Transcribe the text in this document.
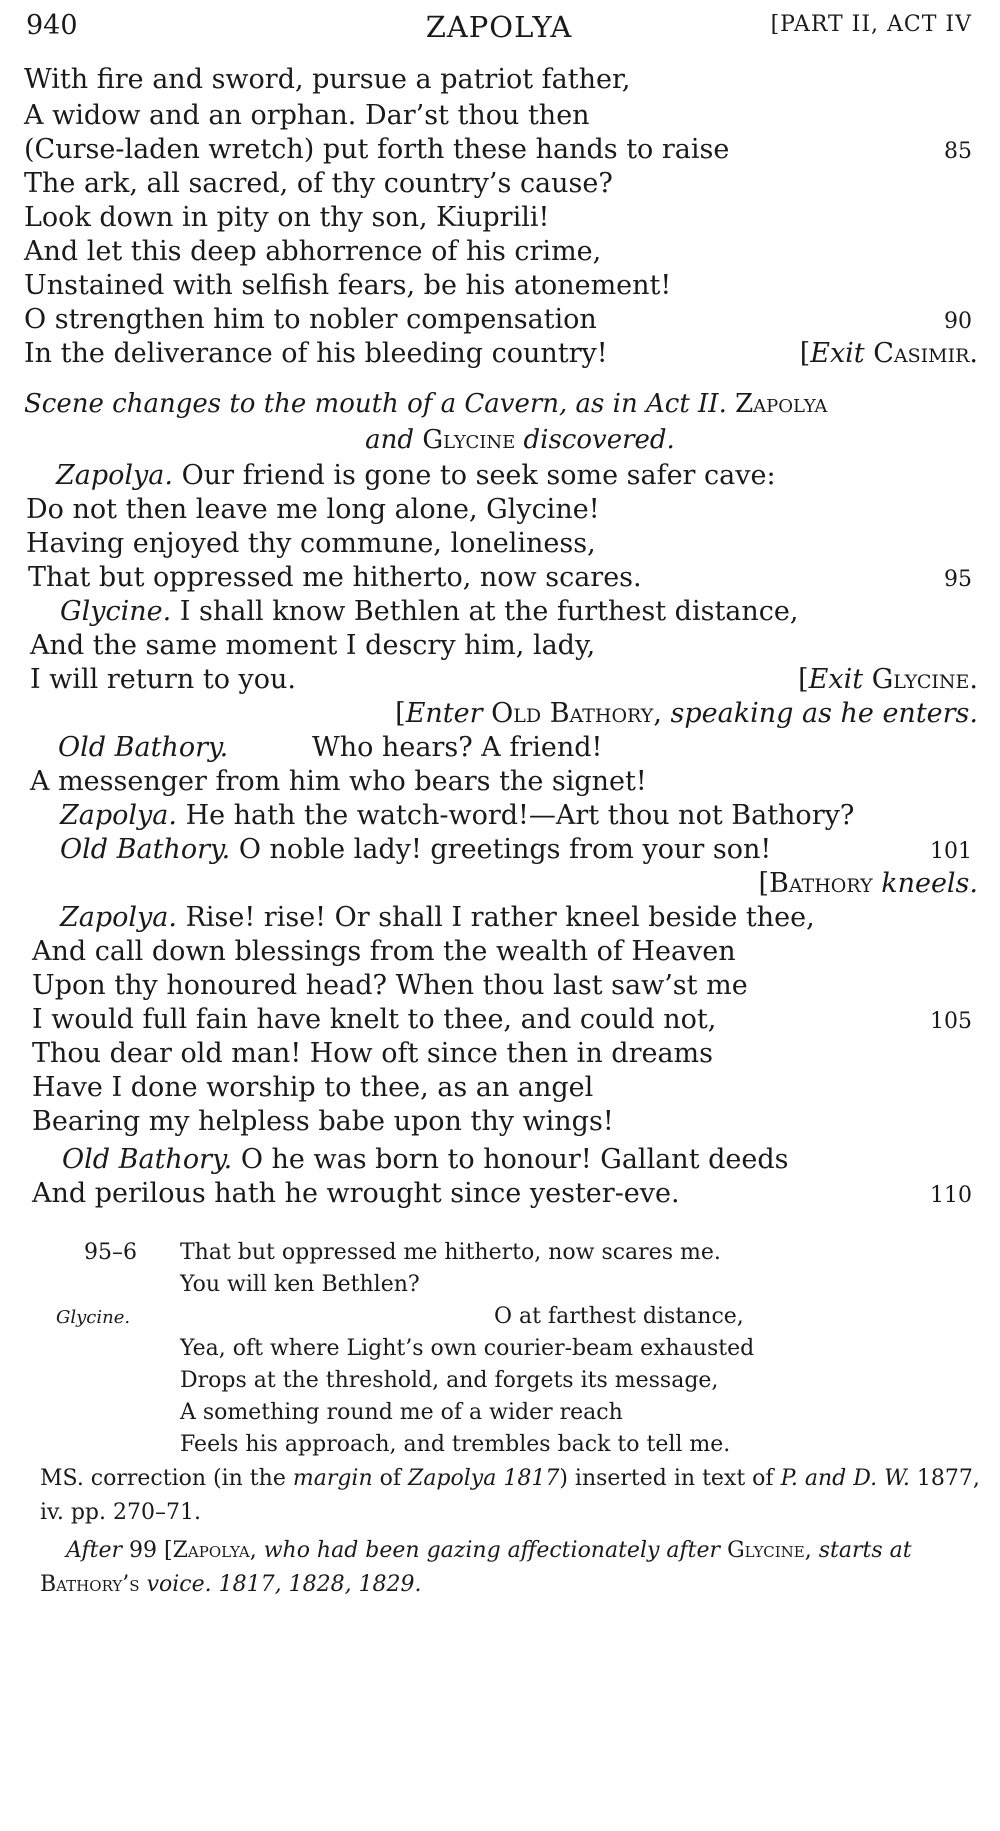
940	ZAPOLYA	[PART II, ACT IV
With fire and sword, pursue a patriot father,
A widow and an orphan. Dar’st thou then
(Curse-laden wretch) put forth these hands to raise	85
The ark, all sacred, of thy country’s cause?
Look down in pity on thy son, Kiuprili!
And let this deep abhorrence of his crime,
Unstained with selfish fears, be his atonement!
O strengthen him to nobler compensation	90
In the deliverance of his bleeding country!	[Exit Casimir.
Scene changes to the mouth of a Cavern, as in Act II. Zapolya
and Glycine discovered.
Zapolya. Our friend is gone to seek some safer cave:
Do not then leave me long alone, Glycine!
Having enjoyed thy commune, loneliness,
That but oppressed me hitherto, now scares.	95
Glycine. I shall know Bethlen at the furthest distance,
And the same moment I descry him, lady,
I will return to you.	[Exit Glycine.
[Enter Old Bathory, speaking as he enters.
Old Bathory.	Who hears? A friend!
A messenger from him who bears the signet!
Zapolya. He hath the watch-word!—Art thou not Bathory?
Old Bathory. O noble lady! greetings from your son!	101
[Bathory kneels.
Zapolya. Rise! rise! Or shall I rather kneel beside thee,
And call down blessings from the wealth of Heaven
Upon thy honoured head? When thou last saw’st me
I would full fain have knelt to thee, and could not,	105
Thou dear old man! How oft since then in dreams
Have I done worship to thee, as an angel
Bearing my helpless babe upon thy wings!
Old Bathory. O he was born to honour! Gallant deeds
And perilous hath he wrought since yester-eve.	110
95–6 That but oppressed me hitherto, now scares me.
You will ken Bethlen?
Glycine.	O at farthest distance,
Yea, oft where Light’s own courier-beam exhausted
Drops at the threshold, and forgets its message,
A something round me of a wider reach
Feels his approach, and trembles back to tell me.
MS. correction (in the margin of Zapolya 1817) inserted in text of P. and D. W. 1877, iv. pp. 270–71.
After 99 [Zapolya, who had been gazing affectionately after Glycine, starts at Bathory’s voice. 1817, 1828, 1829.
